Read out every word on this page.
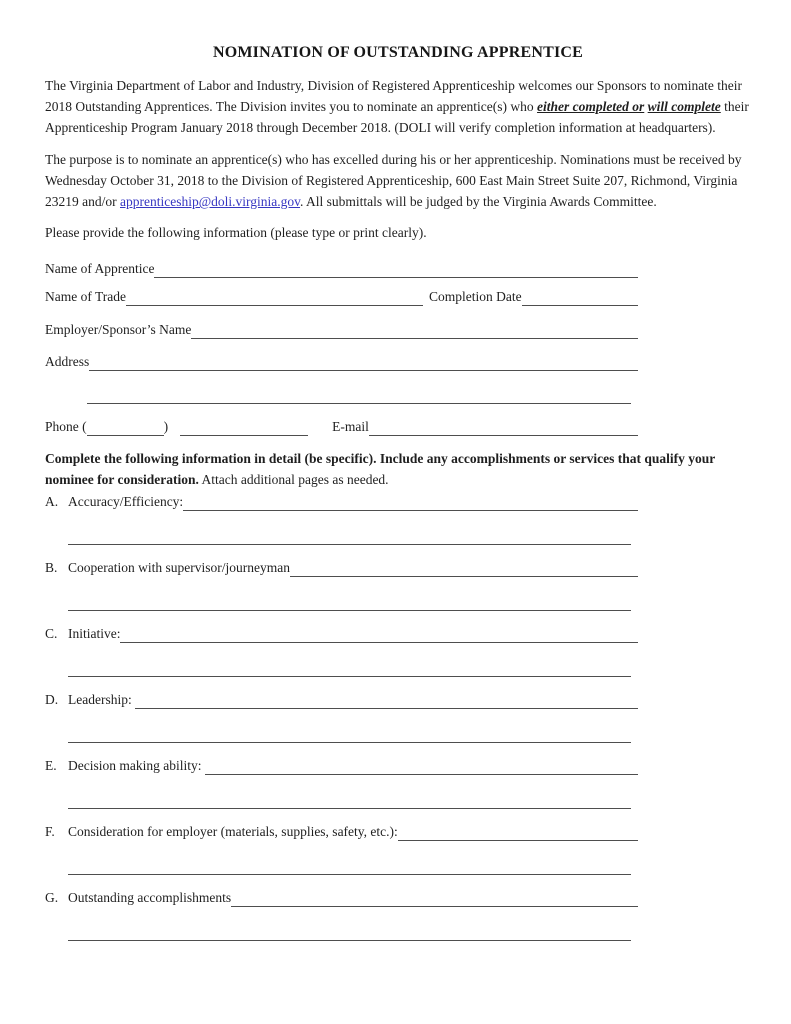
NOMINATION OF OUTSTANDING APPRENTICE

The Virginia Department of Labor and Industry, Division of Registered Apprenticeship welcomes our Sponsors to nominate their 2018 Outstanding Apprentices. The Division invites you to nominate an apprentice(s) who either completed or will complete their Apprenticeship Program January 2018 through December 2018. (DOLI will verify completion information at headquarters).

The purpose is to nominate an apprentice(s) who has excelled during his or her apprenticeship. Nominations must be received by Wednesday October 31, 2018 to the Division of Registered Apprenticeship, 600 East Main Street Suite 207, Richmond, Virginia 23219 and/or apprenticeship@doli.virginia.gov. All submittals will be judged by the Virginia Awards Committee.

Please provide the following information (please type or print clearly).

Name of Apprentice
Name of Trade	Completion Date
Employer/Sponsor’s Name
Address
Phone (	)	E-mail

Complete the following information in detail (be specific). Include any accomplishments or services that qualify your nominee for consideration. Attach additional pages as needed.

A. Accuracy/Efficiency:
B. Cooperation with supervisor/journeyman
C. Initiative:
D. Leadership:
E. Decision making ability:
F. Consideration for employer (materials, supplies, safety, etc.):
G. Outstanding accomplishments
